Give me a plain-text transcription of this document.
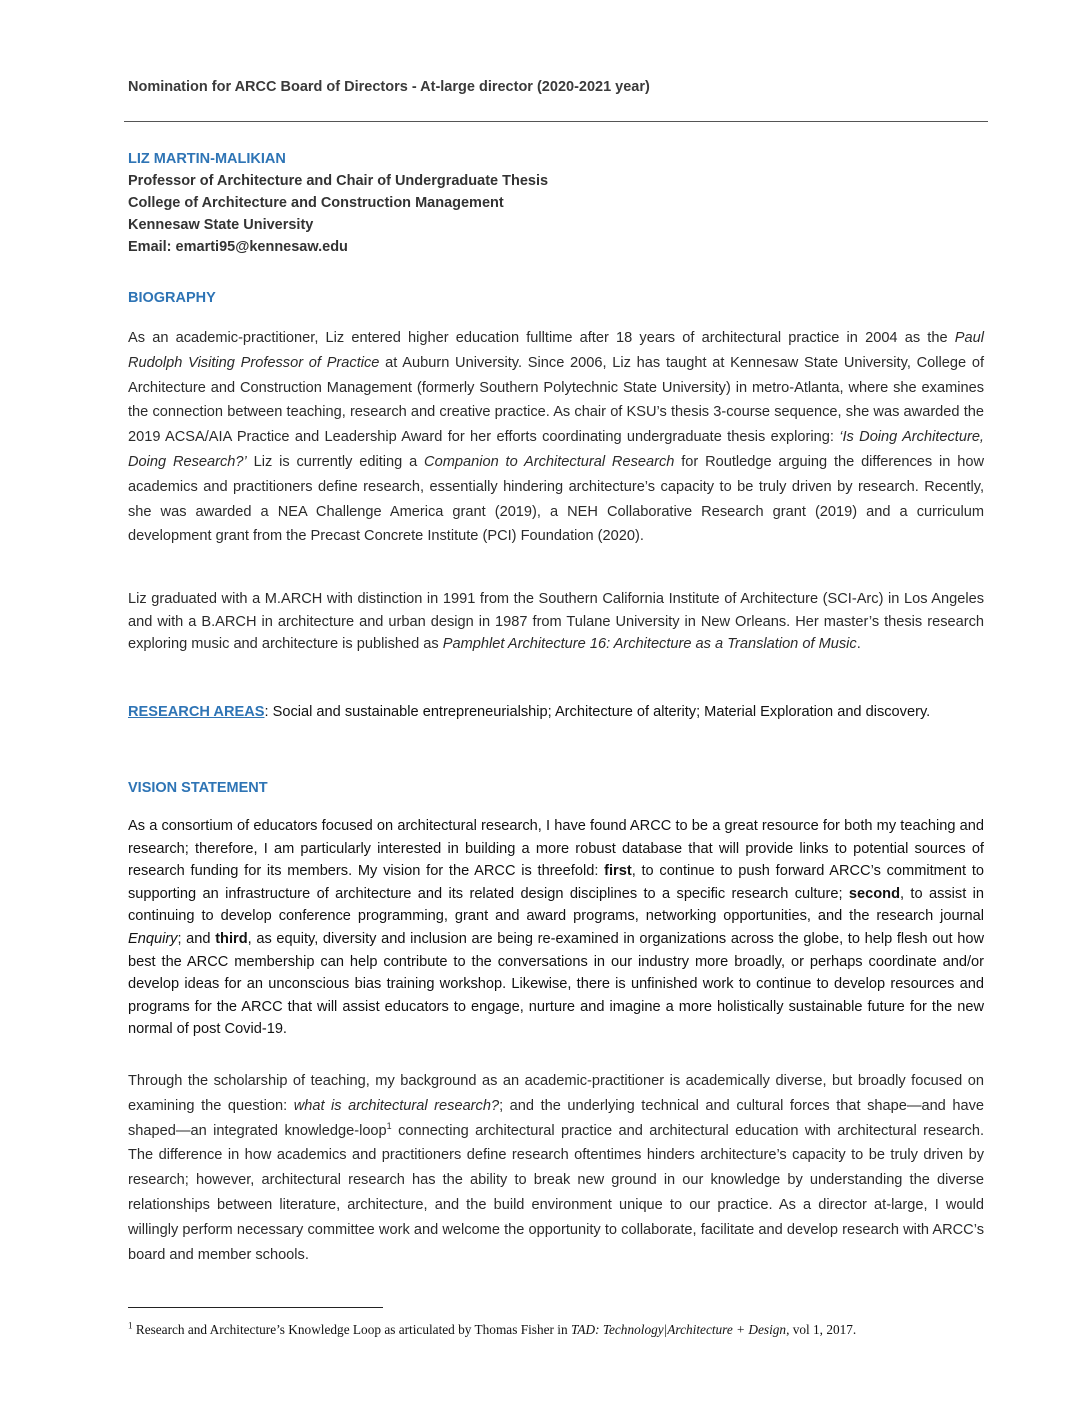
Nomination for ARCC Board of Directors - At-large director (2020-2021 year)
LIZ MARTIN-MALIKIAN
Professor of Architecture and Chair of Undergraduate Thesis
College of Architecture and Construction Management
Kennesaw State University
Email: emarti95@kennesaw.edu
BIOGRAPHY

As an academic-practitioner, Liz entered higher education fulltime after 18 years of architectural practice in 2004 as the Paul Rudolph Visiting Professor of Practice at Auburn University. Since 2006, Liz has taught at Kennesaw State University, College of Architecture and Construction Management (formerly Southern Polytechnic State University) in metro-Atlanta, where she examines the connection between teaching, research and creative practice. As chair of KSU’s thesis 3-course sequence, she was awarded the 2019 ACSA/AIA Practice and Leadership Award for her efforts coordinating undergraduate thesis exploring: ‘Is Doing Architecture, Doing Research?’ Liz is currently editing a Companion to Architectural Research for Routledge arguing the differences in how academics and practitioners define research, essentially hindering architecture’s capacity to be truly driven by research. Recently, she was awarded a NEA Challenge America grant (2019), a NEH Collaborative Research grant (2019) and a curriculum development grant from the Precast Concrete Institute (PCI) Foundation (2020).

Liz graduated with a M.ARCH with distinction in 1991 from the Southern California Institute of Architecture (SCI-Arc) in Los Angeles and with a B.ARCH in architecture and urban design in 1987 from Tulane University in New Orleans. Her master’s thesis research exploring music and architecture is published as Pamphlet Architecture 16: Architecture as a Translation of Music.

RESEARCH AREAS: Social and sustainable entrepreneurialship; Architecture of alterity; Material Exploration and discovery.

VISION STATEMENT

As a consortium of educators focused on architectural research, I have found ARCC to be a great resource for both my teaching and research; therefore, I am particularly interested in building a more robust database that will provide links to potential sources of research funding for its members. My vision for the ARCC is threefold: first, to continue to push forward ARCC’s commitment to supporting an infrastructure of architecture and its related design disciplines to a specific research culture; second, to assist in continuing to develop conference programming, grant and award programs, networking opportunities, and the research journal Enquiry; and third, as equity, diversity and inclusion are being re-examined in organizations across the globe, to help flesh out how best the ARCC membership can help contribute to the conversations in our industry more broadly, or perhaps coordinate and/or develop ideas for an unconscious bias training workshop. Likewise, there is unfinished work to continue to develop resources and programs for the ARCC that will assist educators to engage, nurture and imagine a more holistically sustainable future for the new normal of post Covid-19.

Through the scholarship of teaching, my background as an academic-practitioner is academically diverse, but broadly focused on examining the question: what is architectural research?; and the underlying technical and cultural forces that shape—and have shaped—an integrated knowledge-loop$^1$ connecting architectural practice and architectural education with architectural research. The difference in how academics and practitioners define research oftentimes hinders architecture’s capacity to be truly driven by research; however, architectural research has the ability to break new ground in our knowledge by understanding the diverse relationships between literature, architecture, and the build environment unique to our practice. As a director at-large, I would willingly perform necessary committee work and welcome the opportunity to collaborate, facilitate and develop research with ARCC’s board and member schools.

$^1$ Research and Architecture’s Knowledge Loop as articulated by Thomas Fisher in TAD: Technology|Architecture + Design, vol 1, 2017.
